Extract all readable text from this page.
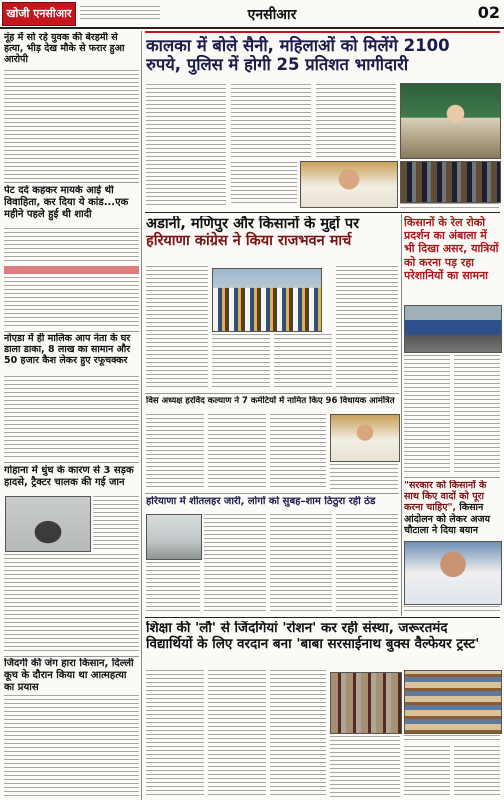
खोजी एनसीआर	एनसीआर	02
नूंह में सो रहे युवक की बेरहमी से हत्या, भीड़ देख मौके से फरार हुआ आरोपी
पेट दर्द कहकर मायके आई थी विवाहिता, कर दिया ये कांड...एक महीने पहले हुई थी शादी
नोएडा में ही मालिक आप नेता के घर डाला डाका, 8 लाख का सामान और 50 हजार कैश लेकर हुए रफूचक्कर
गोहाना में धुंध के कारण से 3 सड़क हादसे, ट्रैक्टर चालक की गई जान
जिंदगी की जंग हारा किसान, दिल्ली कूच के दौरान किया था आत्महत्या का प्रयास
कालका में बोले सैनी, महिलाओं को मिलेंगे 2100
रुपये, पुलिस में होगी 25 प्रतिशत भागीदारी
अडानी, मणिपुर और किसानों के मुद्दों पर
हरियाणा कांग्रेस ने किया राजभवन मार्च
किसानों के रेल रोको प्रदर्शन का अंबाला में भी दिखा असर, यात्रियों को करना पड़ रहा परेशानियों का सामना
"सरकार को किसानों के साथ किए वादों को पूरा करना चाहिए", किसान आंदोलन को लेकर अजय चौटाला ने दिया बयान
विस अध्यक्ष हरविंद कल्याण ने 7 कमेटियों में नामित किए 96 विधायक आमंत्रित
हरियाणा में शीतलहर जारी, लोगों को सुबह–शाम ठिठुरा रही ठंड
शिक्षा की 'लौ' से जिंदगियां 'रोशन' कर रही संस्था, जरूरतमंद
विद्यार्थियों के लिए वरदान बना 'बाबा सरसाईनाथ बुक्स वैल्फेयर ट्रस्ट'
